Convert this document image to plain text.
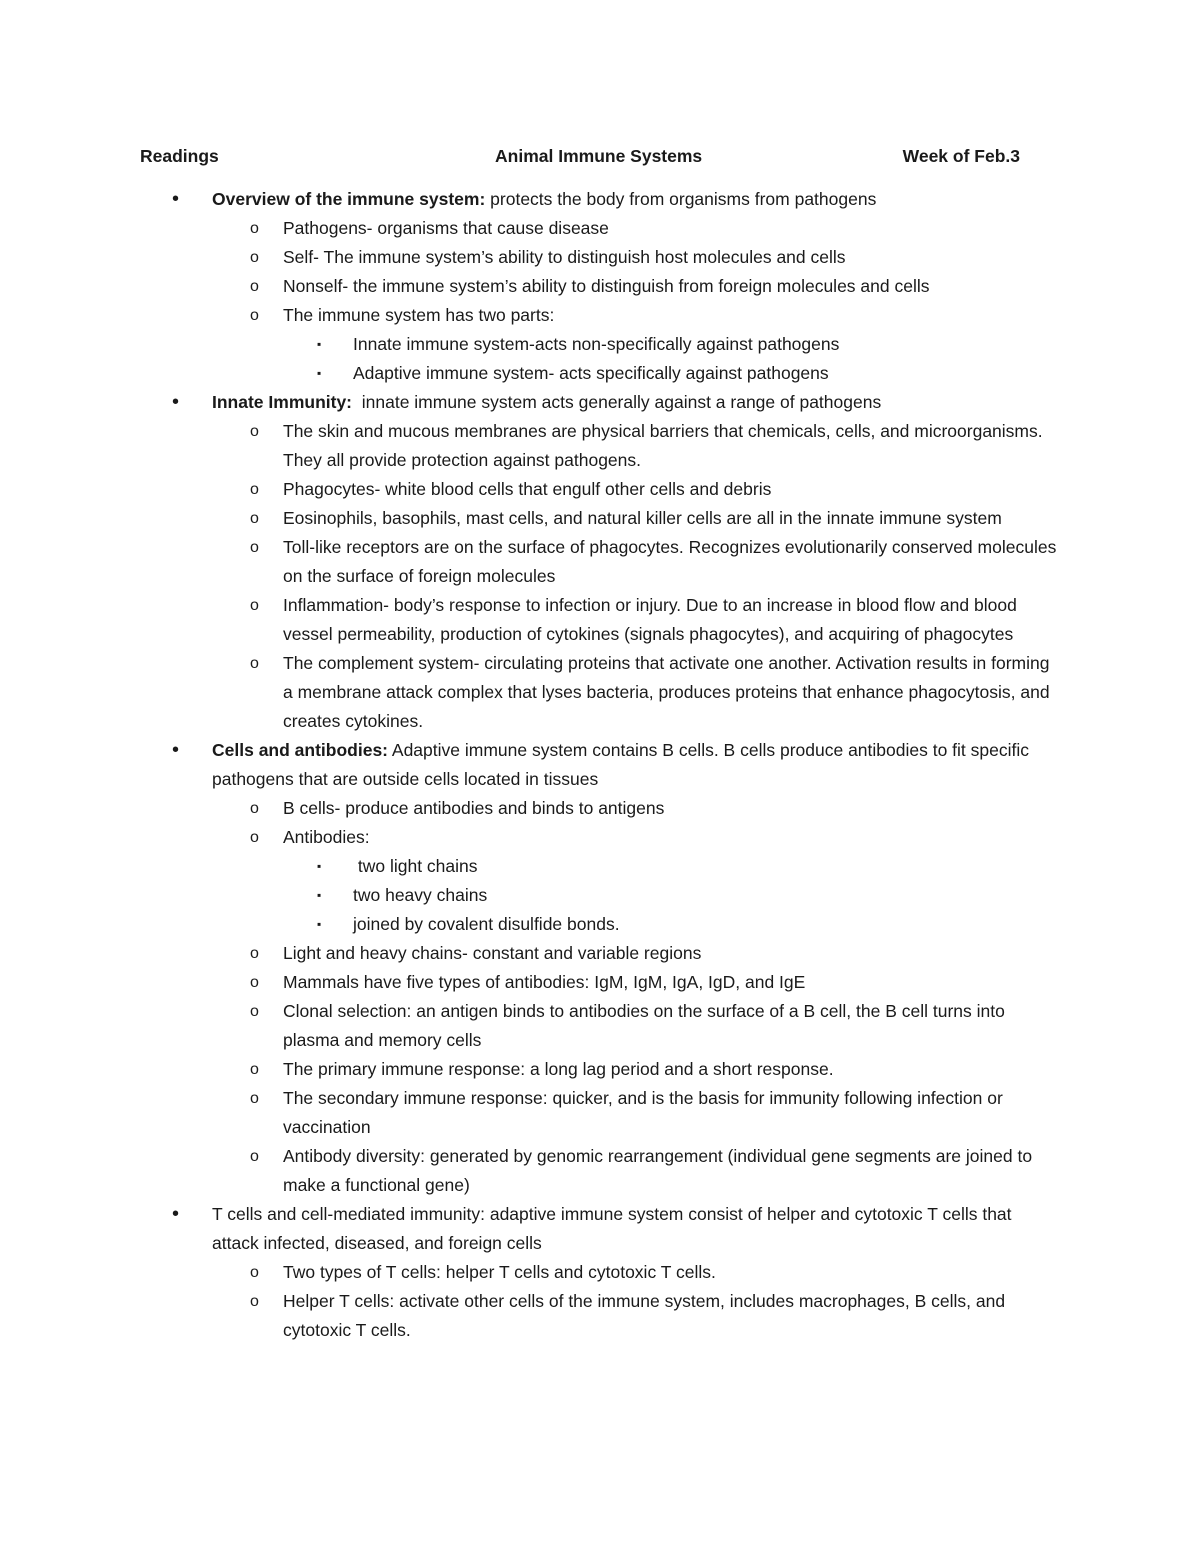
Readings	Animal Immune Systems	Week of Feb.3
• Overview of the immune system: protects the body from organisms from pathogens
o Pathogens- organisms that cause disease
o Self- The immune system’s ability to distinguish host molecules and cells
o Nonself- the immune system’s ability to distinguish from foreign molecules and cells
o The immune system has two parts:
▪ Innate immune system-acts non-specifically against pathogens
▪ Adaptive immune system- acts specifically against pathogens
• Innate Immunity:  innate immune system acts generally against a range of pathogens
o The skin and mucous membranes are physical barriers that chemicals, cells, and microorganisms. They all provide protection against pathogens.
o Phagocytes- white blood cells that engulf other cells and debris
o Eosinophils, basophils, mast cells, and natural killer cells are all in the innate immune system
o Toll-like receptors are on the surface of phagocytes. Recognizes evolutionarily conserved molecules on the surface of foreign molecules
o Inflammation- body’s response to infection or injury. Due to an increase in blood flow and blood vessel permeability, production of cytokines (signals phagocytes), and acquiring of phagocytes
o The complement system- circulating proteins that activate one another. Activation results in forming a membrane attack complex that lyses bacteria, produces proteins that enhance phagocytosis, and creates cytokines.
• Cells and antibodies: Adaptive immune system contains B cells. B cells produce antibodies to fit specific pathogens that are outside cells located in tissues
o B cells- produce antibodies and binds to antigens
o Antibodies:
▪ two light chains
▪ two heavy chains
▪ joined by covalent disulfide bonds.
o Light and heavy chains- constant and variable regions
o Mammals have five types of antibodies: IgM, IgM, IgA, IgD, and IgE
o Clonal selection: an antigen binds to antibodies on the surface of a B cell, the B cell turns into plasma and memory cells
o The primary immune response: a long lag period and a short response.
o The secondary immune response: quicker, and is the basis for immunity following infection or vaccination
o Antibody diversity: generated by genomic rearrangement (individual gene segments are joined to make a functional gene)
• T cells and cell-mediated immunity: adaptive immune system consist of helper and cytotoxic T cells that attack infected, diseased, and foreign cells
o Two types of T cells: helper T cells and cytotoxic T cells.
o Helper T cells: activate other cells of the immune system, includes macrophages, B cells, and cytotoxic T cells.
